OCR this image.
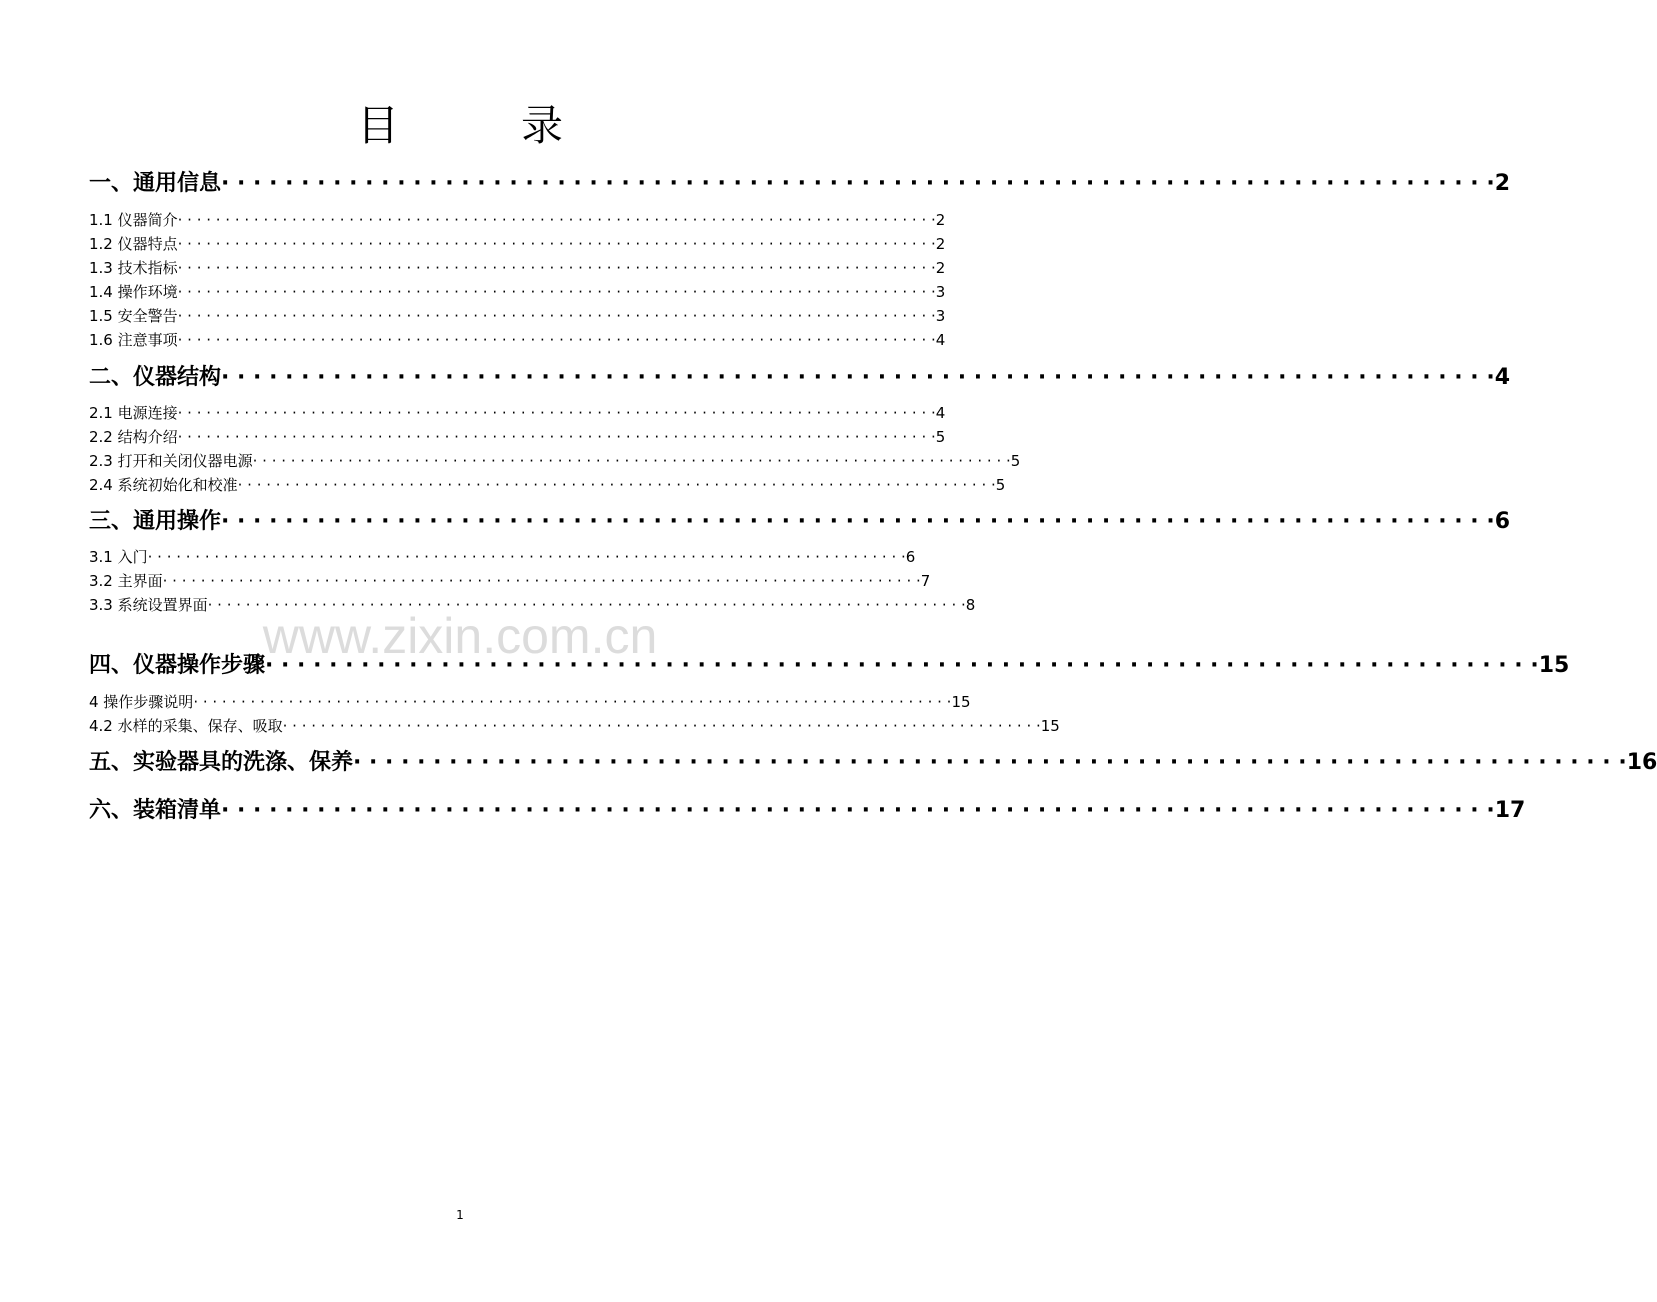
目　录
一、通用信息 · · · · · · · · · · · · · · · · · · · · · · · · · · · · · · · · · · · · · · · · · · · · · · · · · · · · · · · · · · · · · · · · · · · · · · · · · · · · · · · · 2
1.1 仪器简介 · · · · · · · · · · · · · · · · · · · · · · · · · · · · · · · · · · · · · · · · · · · · · · · · · · · · · · · · · · · · · · · · · · · · · · · · · · · · · · · · 2
1.2 仪器特点 · · · · · · · · · · · · · · · · · · · · · · · · · · · · · · · · · · · · · · · · · · · · · · · · · · · · · · · · · · · · · · · · · · · · · · · · · · · · · · · · 2
1.3 技术指标 · · · · · · · · · · · · · · · · · · · · · · · · · · · · · · · · · · · · · · · · · · · · · · · · · · · · · · · · · · · · · · · · · · · · · · · · · · · · · · · · 2
1.4 操作环境 · · · · · · · · · · · · · · · · · · · · · · · · · · · · · · · · · · · · · · · · · · · · · · · · · · · · · · · · · · · · · · · · · · · · · · · · · · · · · · · · 3
1.5 安全警告 · · · · · · · · · · · · · · · · · · · · · · · · · · · · · · · · · · · · · · · · · · · · · · · · · · · · · · · · · · · · · · · · · · · · · · · · · · · · · · · · 3
1.6 注意事项 · · · · · · · · · · · · · · · · · · · · · · · · · · · · · · · · · · · · · · · · · · · · · · · · · · · · · · · · · · · · · · · · · · · · · · · · · · · · · · · · 4
二、仪器结构 · · · · · · · · · · · · · · · · · · · · · · · · · · · · · · · · · · · · · · · · · · · · · · · · · · · · · · · · · · · · · · · · · · · · · · · · · · · · · · · · 4
2.1 电源连接 · · · · · · · · · · · · · · · · · · · · · · · · · · · · · · · · · · · · · · · · · · · · · · · · · · · · · · · · · · · · · · · · · · · · · · · · · · · · · · · · 4
2.2 结构介绍 · · · · · · · · · · · · · · · · · · · · · · · · · · · · · · · · · · · · · · · · · · · · · · · · · · · · · · · · · · · · · · · · · · · · · · · · · · · · · · · · 5
2.3 打开和关闭仪器电源 · · · · · · · · · · · · · · · · · · · · · · · · · · · · · · · · · · · · · · · · · · · · · · · · · · · · · · · · · · · · · · · · · · · · · · · · · · · · · · · · 5
2.4 系统初始化和校准 · · · · · · · · · · · · · · · · · · · · · · · · · · · · · · · · · · · · · · · · · · · · · · · · · · · · · · · · · · · · · · · · · · · · · · · · · · · · · · · · 5
三、通用操作 · · · · · · · · · · · · · · · · · · · · · · · · · · · · · · · · · · · · · · · · · · · · · · · · · · · · · · · · · · · · · · · · · · · · · · · · · · · · · · · · 6
3.1 入门 · · · · · · · · · · · · · · · · · · · · · · · · · · · · · · · · · · · · · · · · · · · · · · · · · · · · · · · · · · · · · · · · · · · · · · · · · · · · · · · · 6
3.2 主界面 · · · · · · · · · · · · · · · · · · · · · · · · · · · · · · · · · · · · · · · · · · · · · · · · · · · · · · · · · · · · · · · · · · · · · · · · · · · · · · · · 7
3.3 系统设置界面 · · · · · · · · · · · · · · · · · · · · · · · · · · · · · · · · · · · · · · · · · · · · · · · · · · · · · · · · · · · · · · · · · · · · · · · · · · · · · · · · 8
www.zixin.com.cn
四、仪器操作步骤 · · · · · · · · · · · · · · · · · · · · · · · · · · · · · · · · · · · · · · · · · · · · · · · · · · · · · · · · · · · · · · · · · · · · · · · · · · · · · · · · 15
4 操作步骤说明 · · · · · · · · · · · · · · · · · · · · · · · · · · · · · · · · · · · · · · · · · · · · · · · · · · · · · · · · · · · · · · · · · · · · · · · · · · · · · · · · 15
4.2 水样的采集、保存、吸取 · · · · · · · · · · · · · · · · · · · · · · · · · · · · · · · · · · · · · · · · · · · · · · · · · · · · · · · · · · · · · · · · · · · · · · · · · · · · · · · · 15
五、实验器具的洗涤、保养 · · · · · · · · · · · · · · · · · · · · · · · · · · · · · · · · · · · · · · · · · · · · · · · · · · · · · · · · · · · · · · · · · · · · · · · · · · · · · · · · 16
六、装箱清单 · · · · · · · · · · · · · · · · · · · · · · · · · · · · · · · · · · · · · · · · · · · · · · · · · · · · · · · · · · · · · · · · · · · · · · · · · · · · · · · · 17
1
